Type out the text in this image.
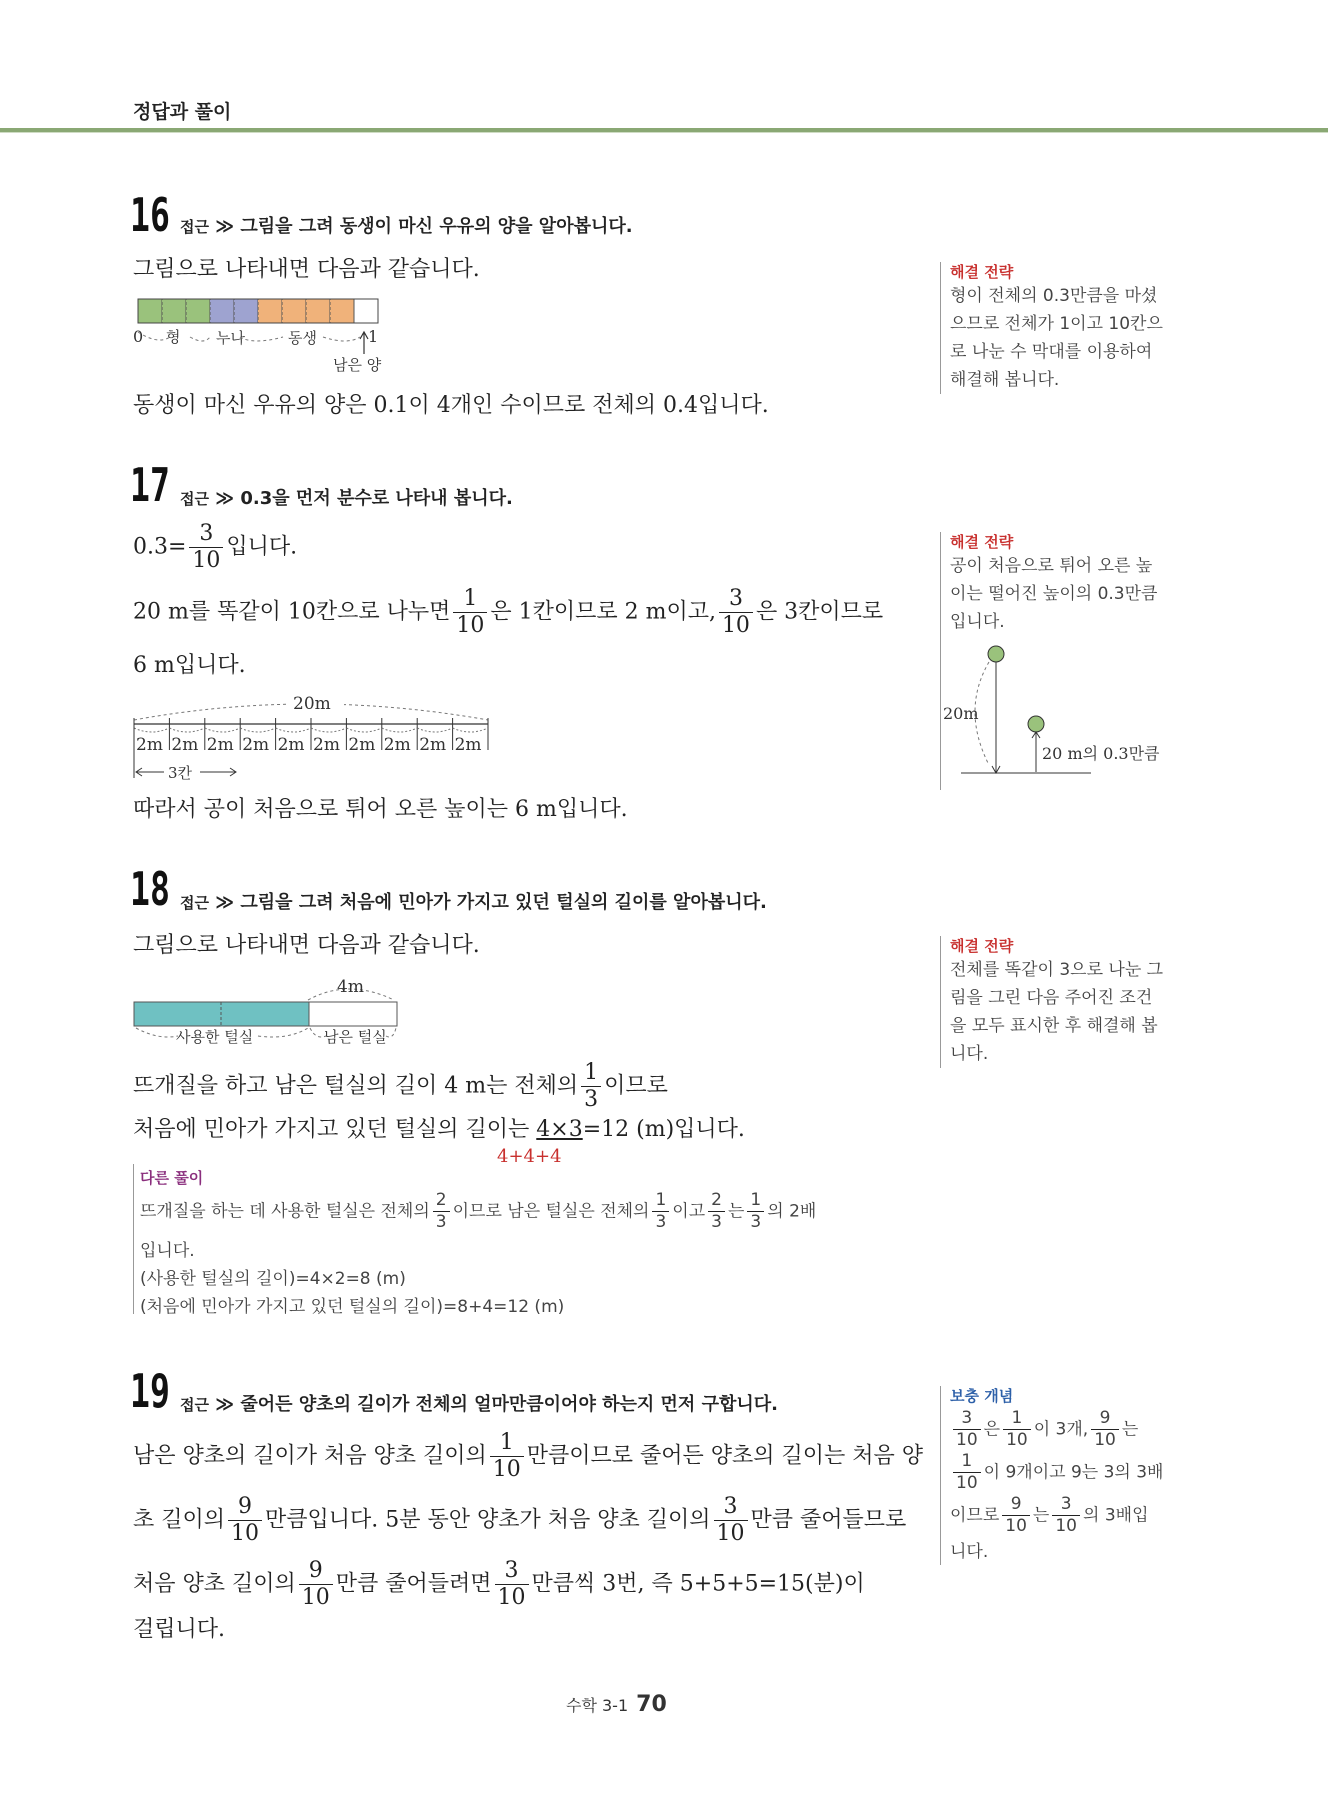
정답과 풀이
16 접근 ≫ 그림을 그려 동생이 마신 우유의 양을 알아봅니다.
그림으로 나타내면 다음과 같습니다.
0 형 누나	동생	1
남은 양
동생이 마신 우유의 양은 0.1이 4개인 수이므로 전체의 0.4입니다.
해결 전략
형이 전체의 0.3만큼을 마셨
으므로 전체가 1이고 10칸으
로 나눈 수 막대를 이용하여
해결해 봅니다.
17 접근 ≫ 0.3을 먼저 분수로 나타내 봅니다.
$0.3= \frac{3}{10}$ 입니다.
20 m를 똑같이 10칸으로 나누면 $\frac{1}{10}$ 은 1칸이므로 2 m이고, $\frac{3}{10}$ 은 3칸이므로
6 m입니다.
20m
2m 2m 2m 2m 2m 2m 2m 2m 2m 2m
3칸
따라서 공이 처음으로 튀어 오른 높이는 6 m입니다.
해결 전략
공이 처음으로 튀어 오른 높
이는 떨어진 높이의 0.3만큼
입니다.
20m
20 m의 0.3만큼
18 접근 ≫ 그림을 그려 처음에 민아가 가지고 있던 털실의 길이를 알아봅니다.
그림으로 나타내면 다음과 같습니다.
4m
사용한 털실	남은 털실
뜨개질을 하고 남은 털실의 길이 4 m는 전체의 $\frac{1}{3}$ 이므로
처음에 민아가 가지고 있던 털실의 길이는 4×3=12 (m)입니다.
4+4+4
다른 풀이
뜨개질을 하는 데 사용한 털실은 전체의 $\frac{2}{3}$ 이므로 남은 털실은 전체의 $\frac{1}{3}$ 이고 $\frac{2}{3}$ 는 $\frac{1}{3}$ 의 2배
입니다.
(사용한 털실의 길이)=4×2=8 (m)
(처음에 민아가 가지고 있던 털실의 길이)=8+4=12 (m)
해결 전략
전체를 똑같이 3으로 나눈 그
림을 그린 다음 주어진 조건
을 모두 표시한 후 해결해 봅
니다.
19 접근 ≫ 줄어든 양초의 길이가 전체의 얼마만큼이어야 하는지 먼저 구합니다.
남은 양초의 길이가 처음 양초 길이의 $\frac{1}{10}$ 만큼이므로 줄어든 양초의 길이는 처음 양
초 길이의 $\frac{9}{10}$ 만큼입니다. 5분 동안 양초가 처음 양초 길이의 $\frac{3}{10}$ 만큼 줄어들므로
처음 양초 길이의 $\frac{9}{10}$ 만큼 줄어들려면 $\frac{3}{10}$ 만큼씩 3번, 즉 5+5+5=15(분)이
걸립니다.
보충 개념
$\frac{3}{10}$ 은 $\frac{1}{10}$ 이 3개, $\frac{9}{10}$ 는
$\frac{1}{10}$ 이 9개이고 9는 3의 3배
이므로 $\frac{9}{10}$ 는 $\frac{3}{10}$ 의 3배입
니다.
수학 3-1 70
